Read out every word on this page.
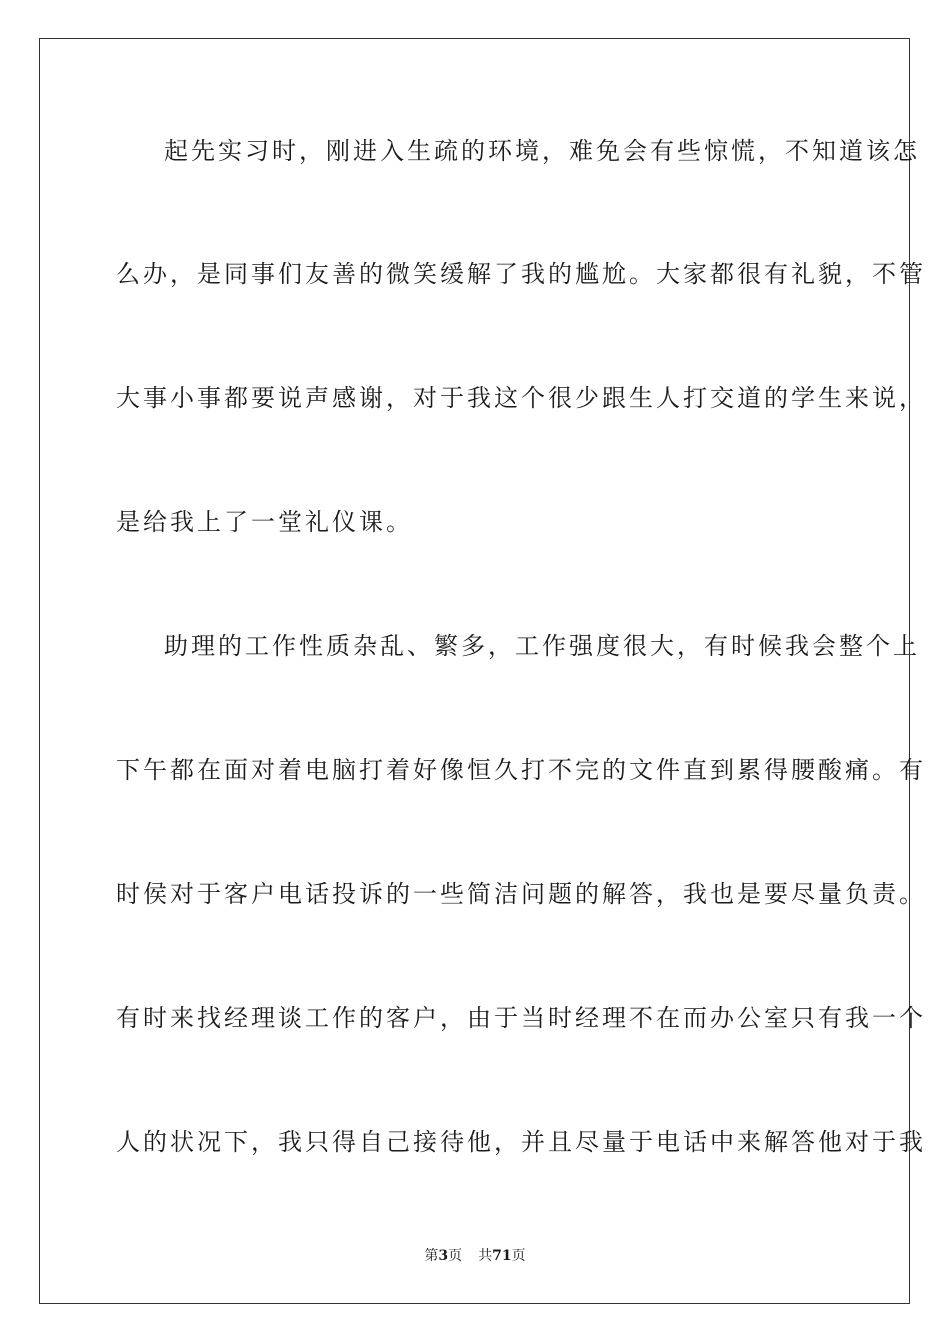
起先实习时，刚进入生疏的环境，难免会有些惊慌，不知道该怎
么办，是同事们友善的微笑缓解了我的尴尬。大家都很有礼貌，不管
大事小事都要说声感谢，对于我这个很少跟生人打交道的学生来说，
是给我上了一堂礼仪课。
助理的工作性质杂乱、繁多，工作强度很大，有时候我会整个上
下午都在面对着电脑打着好像恒久打不完的文件直到累得腰酸痛。有
时侯对于客户电话投诉的一些简洁问题的解答，我也是要尽量负责。
有时来找经理谈工作的客户，由于当时经理不在而办公室只有我一个
人的状况下，我只得自己接待他，并且尽量于电话中来解答他对于我
第3页 共71页
